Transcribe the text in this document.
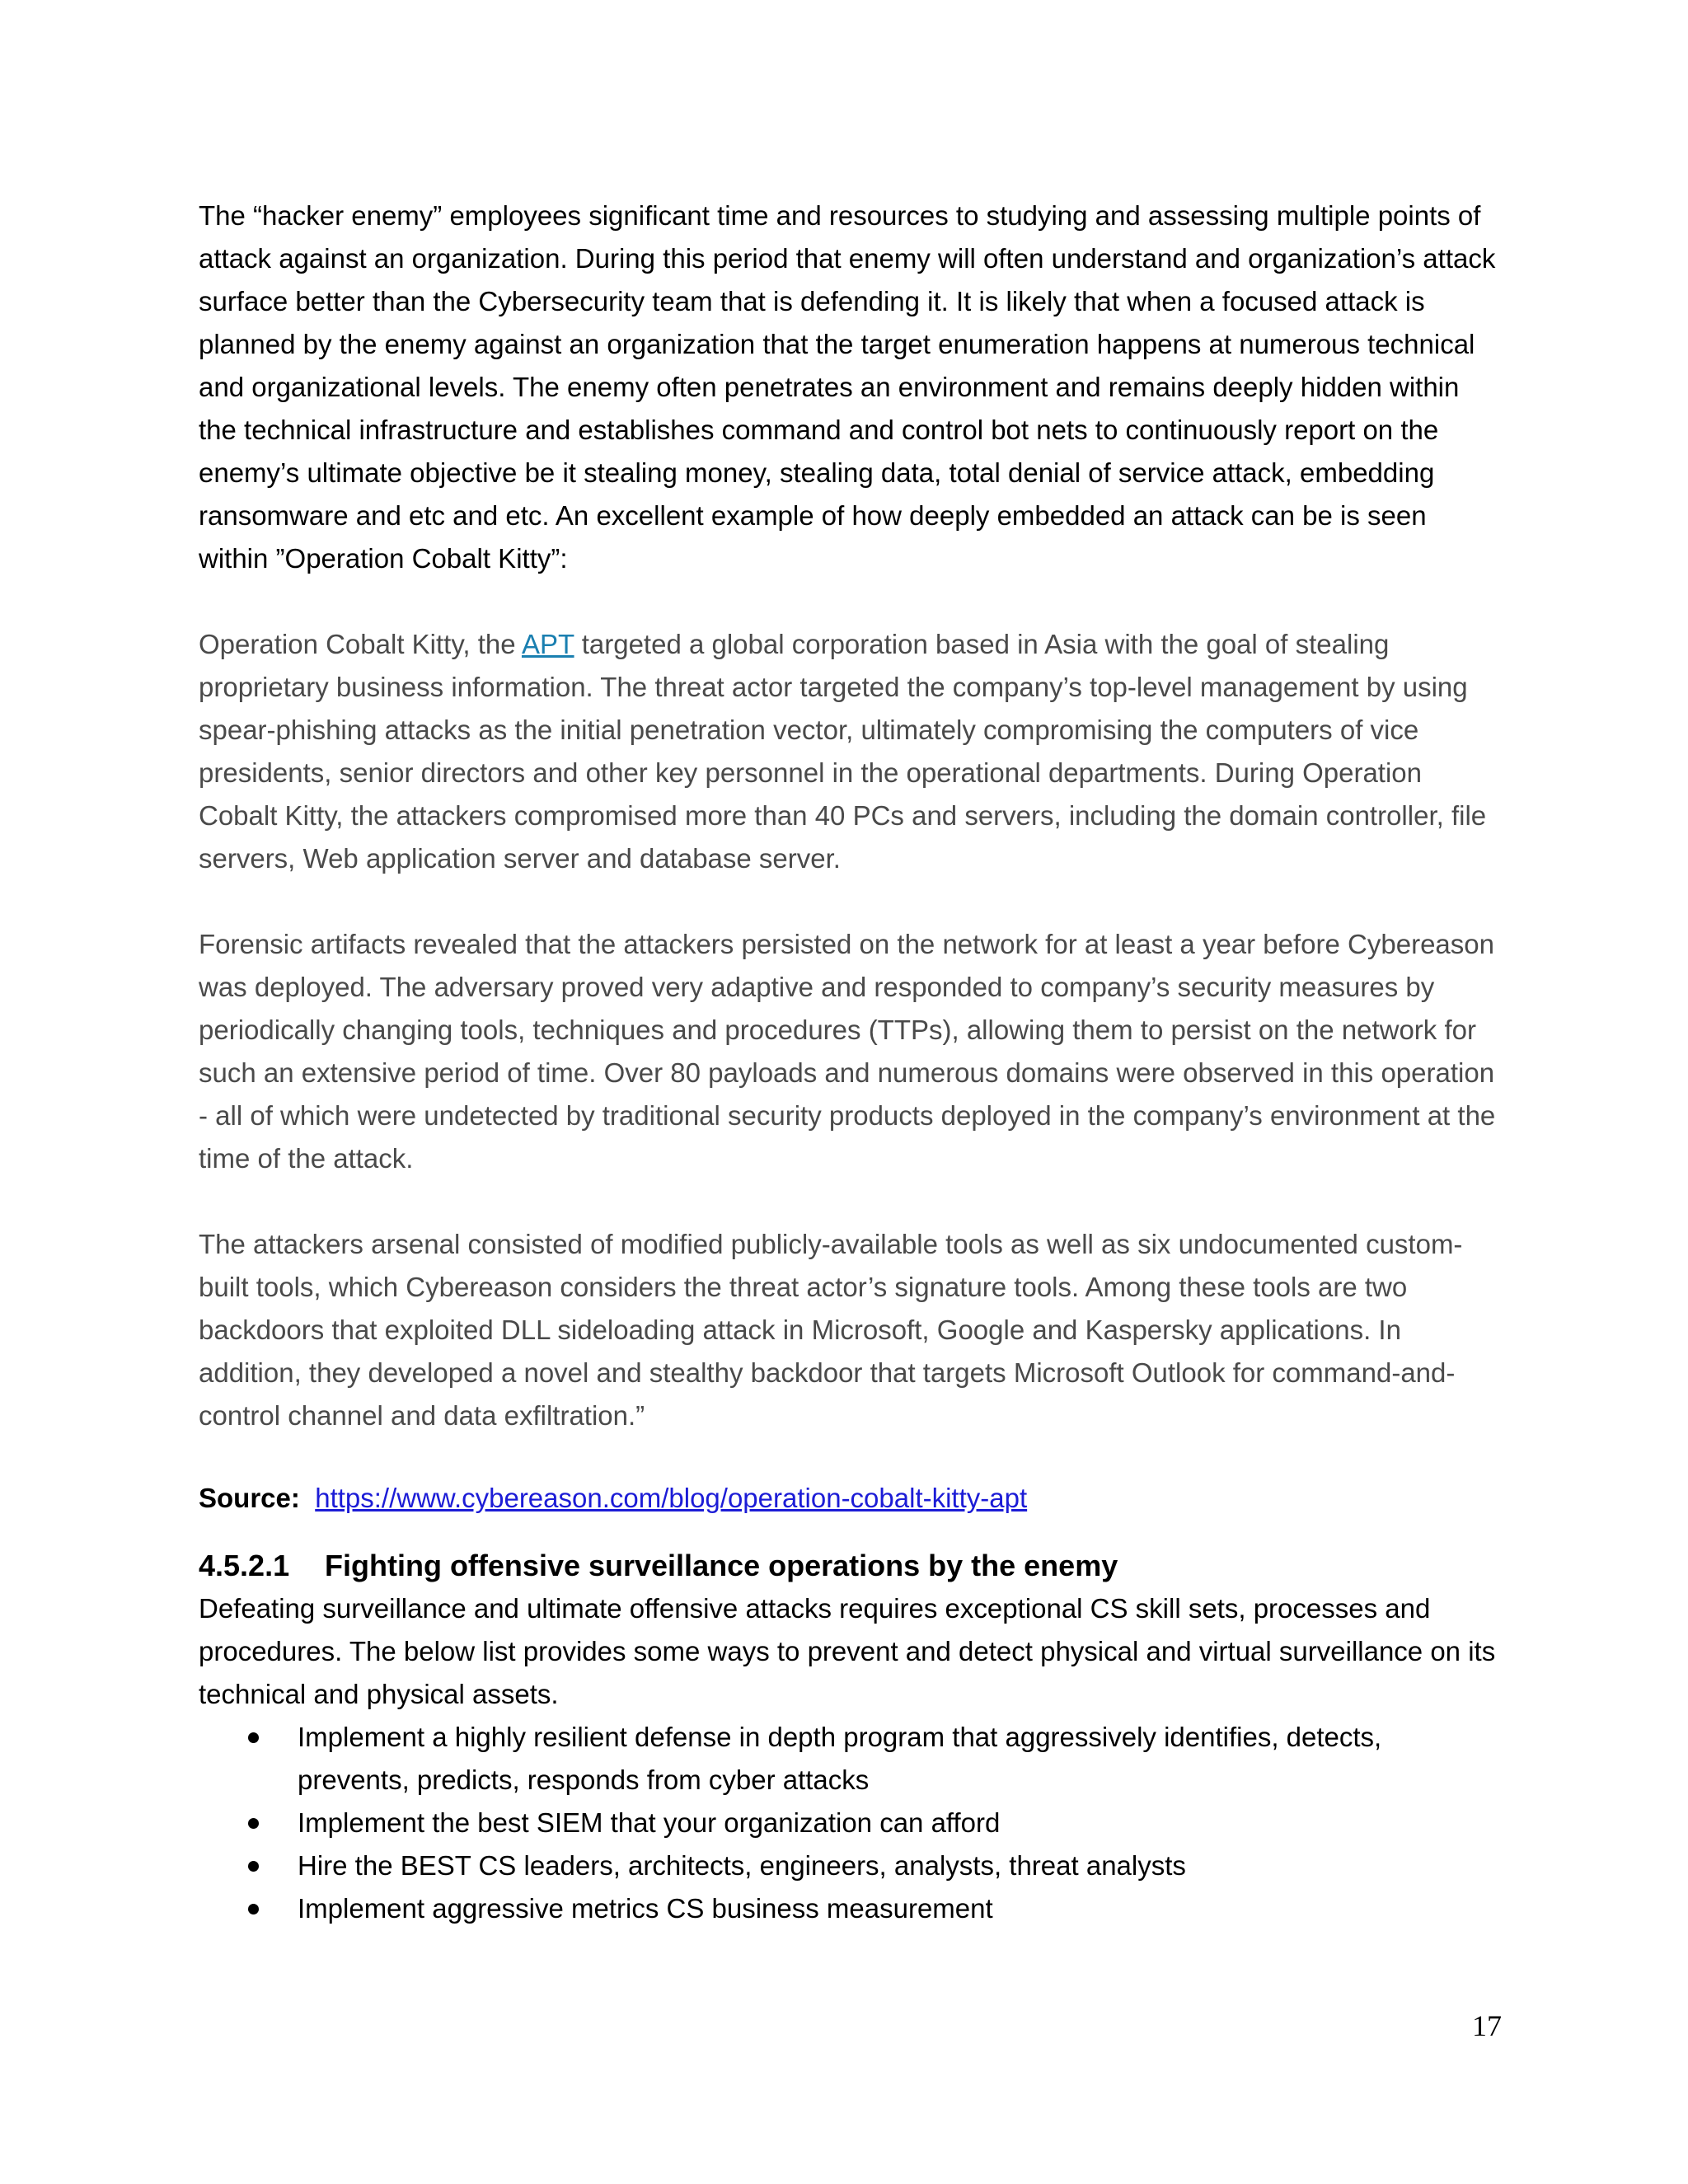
The “hacker enemy” employees significant time and resources to studying and assessing multiple points of attack against an organization. During this period that enemy will often understand and organization’s attack surface better than the Cybersecurity team that is defending it. It is likely that when a focused attack is planned by the enemy against an organization that the target enumeration happens at numerous technical and organizational levels. The enemy often penetrates an environment and remains deeply hidden within the technical infrastructure and establishes command and control bot nets to continuously report on the enemy’s ultimate objective be it stealing money, stealing data, total denial of service attack, embedding ransomware and etc and etc. An excellent example of how deeply embedded an attack can be is seen within ”Operation Cobalt Kitty”:

Operation Cobalt Kitty, the APT targeted a global corporation based in Asia with the goal of stealing proprietary business information. The threat actor targeted the company’s top-level management by using spear-phishing attacks as the initial penetration vector, ultimately compromising the computers of vice presidents, senior directors and other key personnel in the operational departments. During Operation Cobalt Kitty, the attackers compromised more than 40 PCs and servers, including the domain controller, file servers, Web application server and database server.

Forensic artifacts revealed that the attackers persisted on the network for at least a year before Cybereason was deployed. The adversary proved very adaptive and responded to company’s security measures by periodically changing tools, techniques and procedures (TTPs), allowing them to persist on the network for such an extensive period of time. Over 80 payloads and numerous domains were observed in this operation - all of which were undetected by traditional security products deployed in the company’s environment at the time of the attack.

The attackers arsenal consisted of modified publicly-available tools as well as six undocumented custom-built tools, which Cybereason considers the threat actor’s signature tools. Among these tools are two backdoors that exploited DLL sideloading attack in Microsoft, Google and Kaspersky applications. In addition, they developed a novel and stealthy backdoor that targets Microsoft Outlook for command-and-control channel and data exfiltration.”

Source: https://www.cybereason.com/blog/operation-cobalt-kitty-apt

4.5.2.1	Fighting offensive surveillance operations by the enemy

Defeating surveillance and ultimate offensive attacks requires exceptional CS skill sets, processes and procedures. The below list provides some ways to prevent and detect physical and virtual surveillance on its technical and physical assets.

Implement a highly resilient defense in depth program that aggressively identifies, detects, prevents, predicts, responds from cyber attacks
Implement the best SIEM that your organization can afford
Hire the BEST CS leaders, architects, engineers, analysts, threat analysts
Implement aggressive metrics CS business measurement
17
